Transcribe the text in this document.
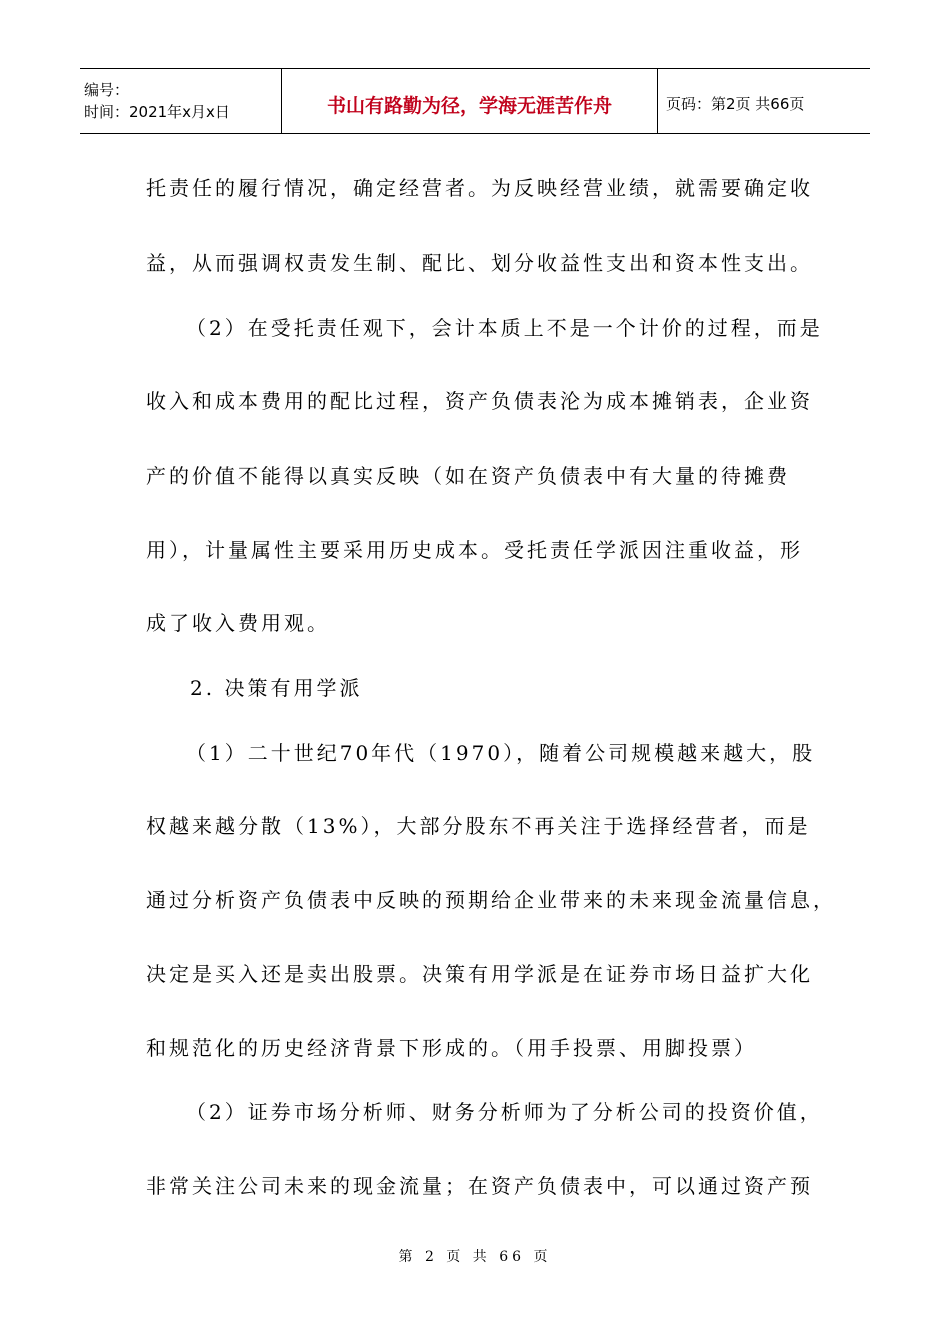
编号：
时间：2021年x月x日	书山有路勤为径，学海无涯苦作舟	页码：第2页 共66页
托责任的履行情况，确定经营者。为反映经营业绩，就需要确定收
益，从而强调权责发生制、配比、划分收益性支出和资本性支出。
（2）在受托责任观下，会计本质上不是一个计价的过程，而是
收入和成本费用的配比过程，资产负债表沦为成本摊销表，企业资
产的价值不能得以真实反映（如在资产负债表中有大量的待摊费
用），计量属性主要采用历史成本。受托责任学派因注重收益，形
成了收入费用观。
2. 决策有用学派
（1）二十世纪70年代（1970），随着公司规模越来越大，股
权越来越分散（13%），大部分股东不再关注于选择经营者，而是
通过分析资产负债表中反映的预期给企业带来的未来现金流量信息，
决定是买入还是卖出股票。决策有用学派是在证券市场日益扩大化
和规范化的历史经济背景下形成的。（用手投票、用脚投票）
（2）证券市场分析师、财务分析师为了分析公司的投资价值，
非常关注公司未来的现金流量；在资产负债表中，可以通过资产预
第 2 页 共 66 页
